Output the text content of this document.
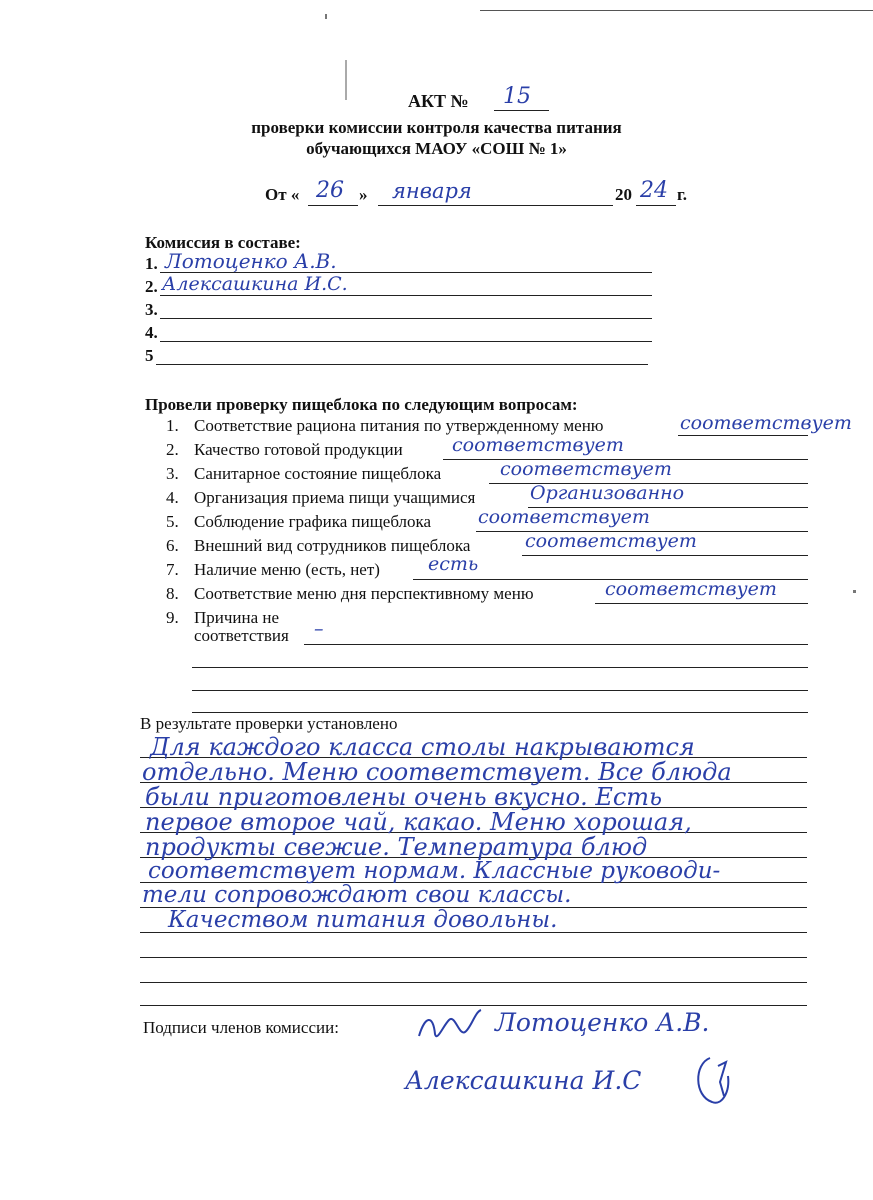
АКТ № 15
проверки комиссии контроля качества питания
обучающихся МАОУ «СОШ № 1»
От « 26 » января	20 24 г.
Комиссия в составе:
1. Лотоценко А.В.
2. Алексашкина И.С.
3.
4.
5
Провели проверку пищеблока по следующим вопросам:
1. Соответствие рациона питания по утвержденному меню	соответствует
2. Качество готовой продукции	соответствует
3. Санитарное состояние пищеблока	соответствует
4. Организация приема пищи учащимися	Организованно
5. Соблюдение графика пищеблока соответствует
6. Внешний вид сотрудников пищеблока	соответствует
7. Наличие меню (есть, нет)	есть
8. Соответствие меню дня перспективному меню	соответствует
9. Причина не
соответствия –
В результате проверки установлено
Для каждого класса столы накрываются
отдельно. Меню соответствует. Все блюда
были приготовлены очень вкусно. Есть
первое второе чай, какао. Меню хорошая,
продукты свежие. Температура блюд
соответствует нормам. Классные руководи-
тели сопровождают свои классы.
Качеством питания довольны.
Подписи членов комиссии:	Лотоценко А.В.
Алексашкина И.С
